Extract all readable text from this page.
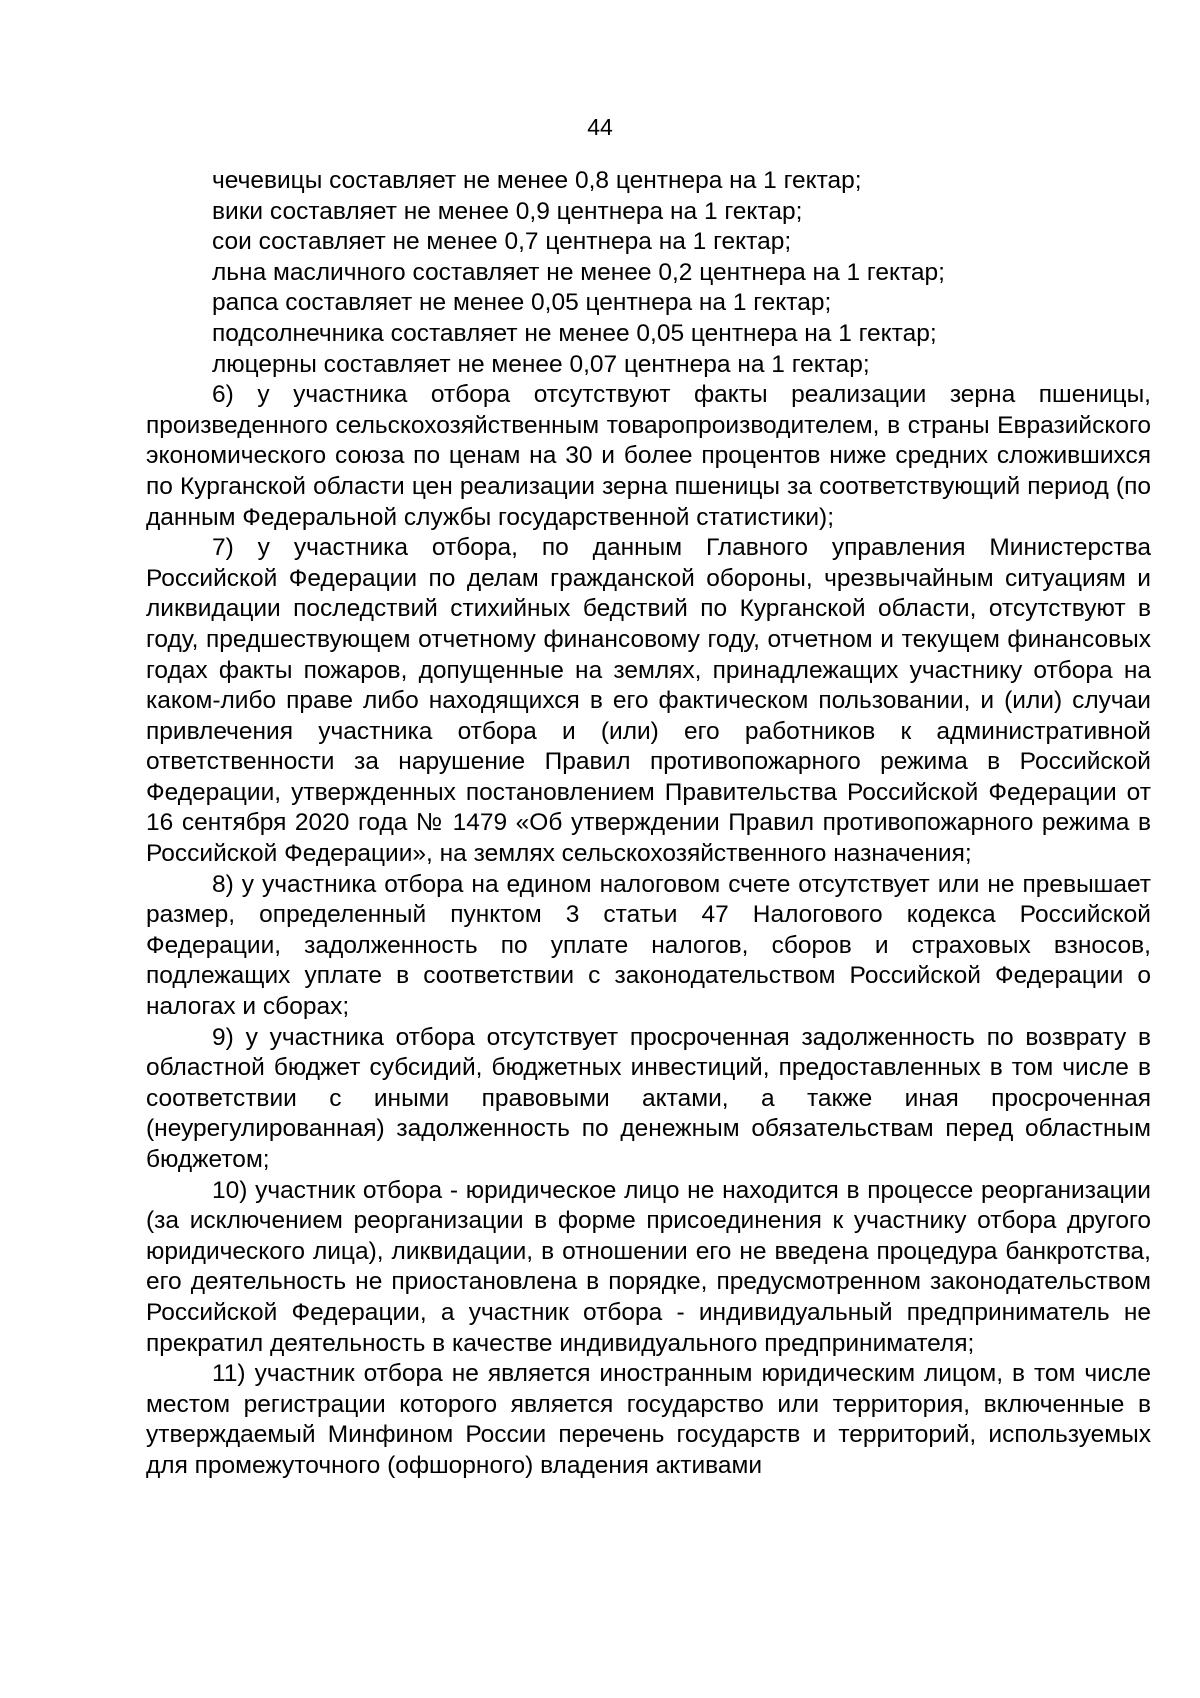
44
чечевицы составляет не менее 0,8 центнера на 1 гектар;
вики составляет не менее 0,9 центнера на 1 гектар;
сои составляет не менее 0,7 центнера на 1 гектар;
льна масличного составляет не менее 0,2 центнера на 1 гектар;
рапса составляет не менее 0,05 центнера на 1 гектар;
подсолнечника составляет не менее 0,05 центнера на 1 гектар;
люцерны составляет не менее 0,07 центнера на 1 гектар;
6) у участника отбора отсутствуют факты реализации зерна пшеницы, произведенного сельскохозяйственным товаропроизводителем, в страны Евразийского экономического союза по ценам на 30 и более процентов ниже средних сложившихся по Курганской области цен реализации зерна пшеницы за соответствующий период (по данным Федеральной службы государственной статистики);
7) у участника отбора, по данным Главного управления Министерства Российской Федерации по делам гражданской обороны, чрезвычайным ситуациям и ликвидации последствий стихийных бедствий по Курганской области, отсутствуют в году, предшествующем отчетному финансовому году, отчетном и текущем финансовых годах факты пожаров, допущенные на землях, принадлежащих участнику отбора на каком-либо праве либо находящихся в его фактическом пользовании, и (или) случаи привлечения участника отбора и (или) его работников к административной ответственности за нарушение Правил противопожарного режима в Российской Федерации, утвержденных постановлением Правительства Российской Федерации от 16 сентября 2020 года № 1479 «Об утверждении Правил противопожарного режима в Российской Федерации», на землях сельскохозяйственного назначения;
8) у участника отбора на едином налоговом счете отсутствует или не превышает размер, определенный пунктом 3 статьи 47 Налогового кодекса Российской Федерации, задолженность по уплате налогов, сборов и страховых взносов, подлежащих уплате в соответствии с законодательством Российской Федерации о налогах и сборах;
9) у участника отбора отсутствует просроченная задолженность по возврату в областной бюджет субсидий, бюджетных инвестиций, предоставленных в том числе в соответствии с иными правовыми актами, а также иная просроченная (неурегулированная) задолженность по денежным обязательствам перед областным бюджетом;
10) участник отбора - юридическое лицо не находится в процессе реорганизации (за исключением реорганизации в форме присоединения к участнику отбора другого юридического лица), ликвидации, в отношении его не введена процедура банкротства, его деятельность не приостановлена в порядке, предусмотренном законодательством Российской Федерации, а участник отбора - индивидуальный предприниматель не прекратил деятельность в качестве индивидуального предпринимателя;
11) участник отбора не является иностранным юридическим лицом, в том числе местом регистрации которого является государство или территория, включенные в утверждаемый Минфином России перечень государств и территорий, используемых для промежуточного (офшорного) владения активами
